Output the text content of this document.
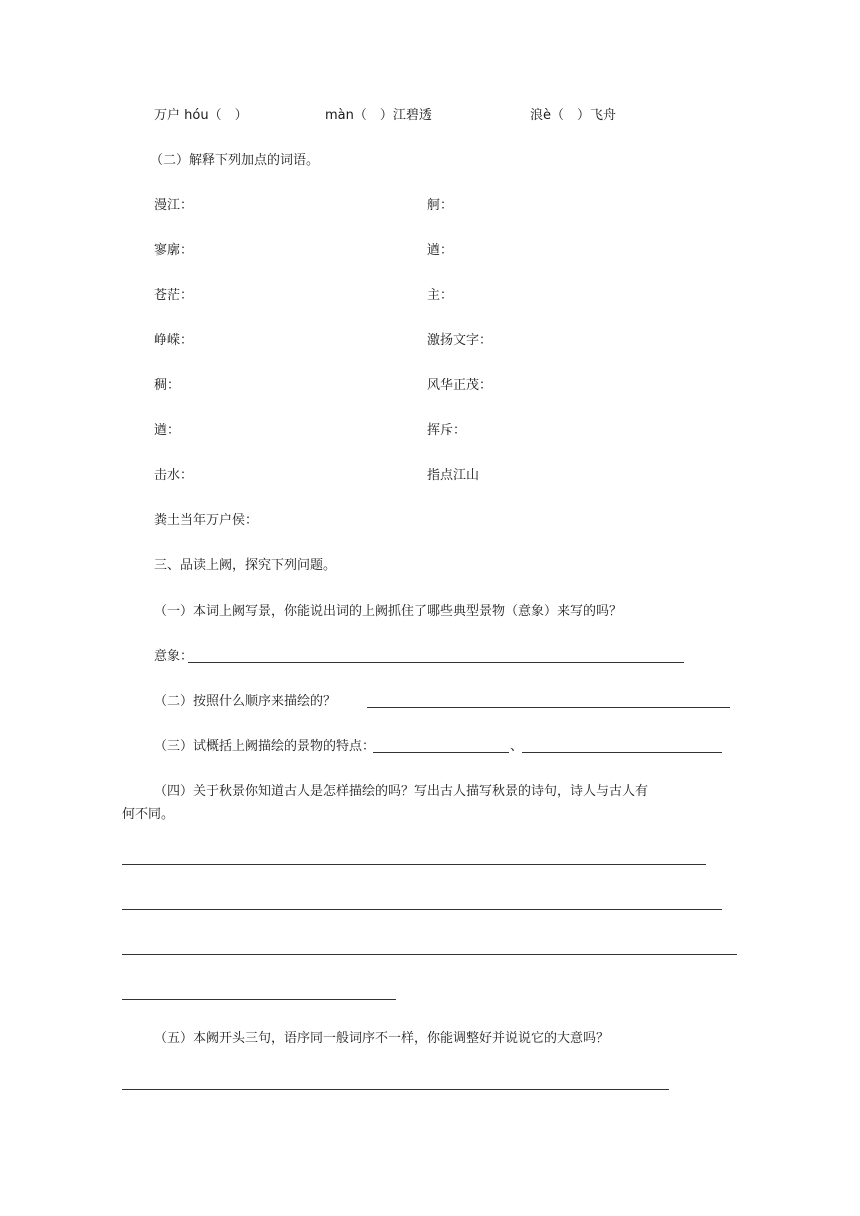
万户 hóu（　）	màn（　）江碧透	浪è（　）飞舟
（二）解释下列加点的词语。
漫江：	舸：
寥廓：	遒：
苍茫：	主：
峥嵘：	激扬文字：
稠：	风华正茂：
遒：	挥斥：
击水：	指点江山
粪土当年万户侯：
三、品读上阙，探究下列问题。
（一）本词上阙写景，你能说出词的上阙抓住了哪些典型景物（意象）来写的吗？
意象：
（二）按照什么顺序来描绘的？
（三）试概括上阙描绘的景物的特点：	、
（四）关于秋景你知道古人是怎样描绘的吗？写出古人描写秋景的诗句，诗人与古人有
何不同。
（五）本阙开头三句，语序同一般词序不一样，你能调整好并说说它的大意吗？
